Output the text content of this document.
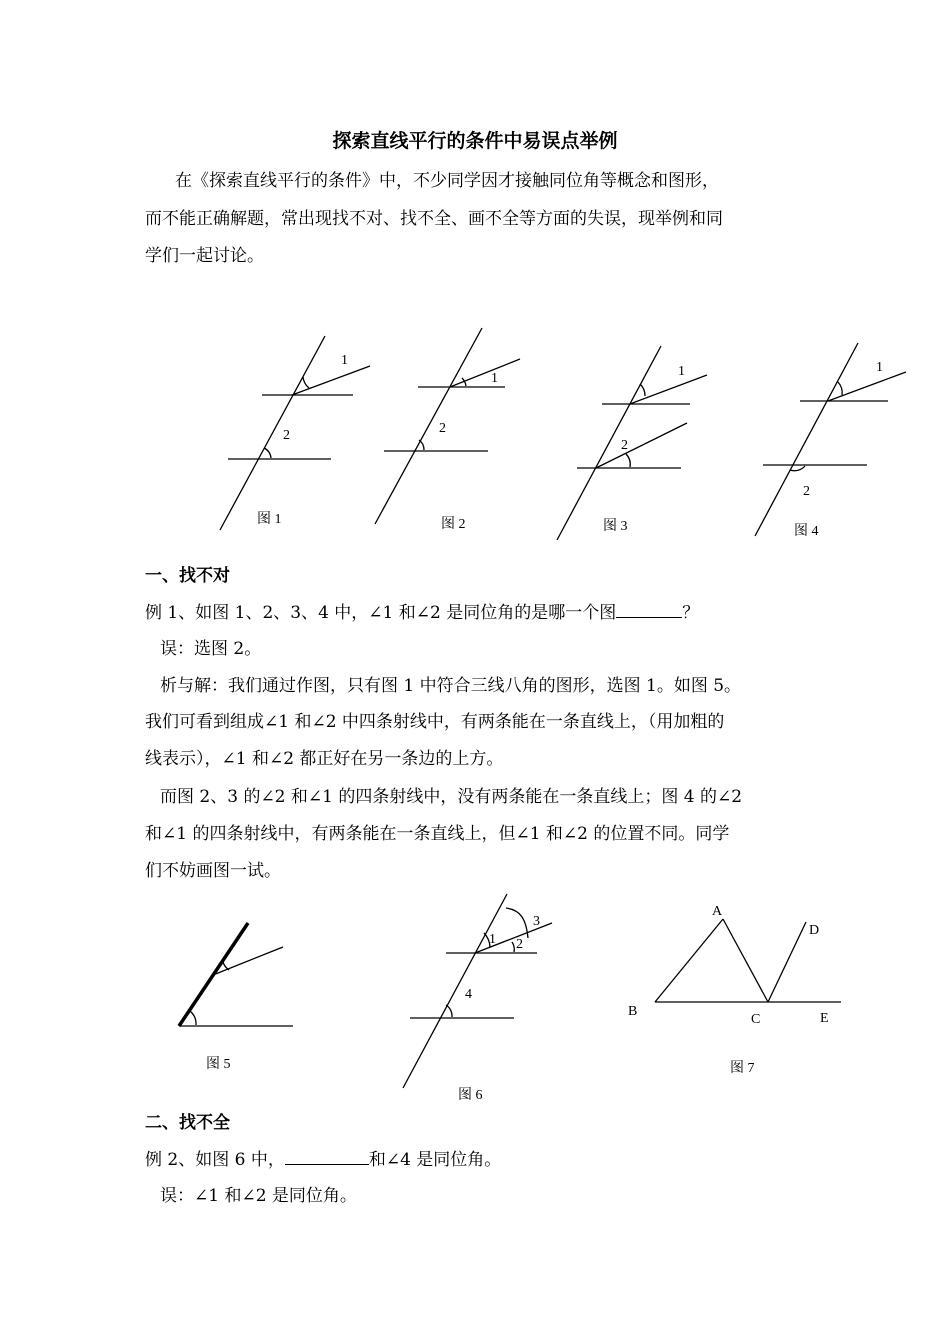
探索直线平行的条件中易误点举例
在《探索直线平行的条件》中，不少同学因才接触同位角等概念和图形，
而不能正确解题，常出现找不对、找不全、画不全等方面的失误，现举例和同
学们一起讨论。
1
2
图 1
1
2
图 2
1
2
图 3
1
2
图 4
一、找不对
例 1、如图 1、2、3、4 中，∠1 和∠2 是同位角的是哪一个图	？
误：选图 2。
析与解：我们通过作图，只有图 1 中符合三线八角的图形，选图 1。如图 5。
我们可看到组成∠1 和∠2 中四条射线中，有两条能在一条直线上，（用加粗的
线表示），∠1 和∠2 都正好在另一条边的上方。
而图 2、3 的∠2 和∠1 的四条射线中，没有两条能在一条直线上；图 4 的∠2
和∠1 的四条射线中，有两条能在一条直线上，但∠1 和∠2 的位置不同。同学
们不妨画图一试。
图 5
1 2
3
4
图 6
A
B
C
D
E
图 7
二、找不全
例 2、如图 6 中，	和∠4 是同位角。
误：∠1 和∠2 是同位角。
